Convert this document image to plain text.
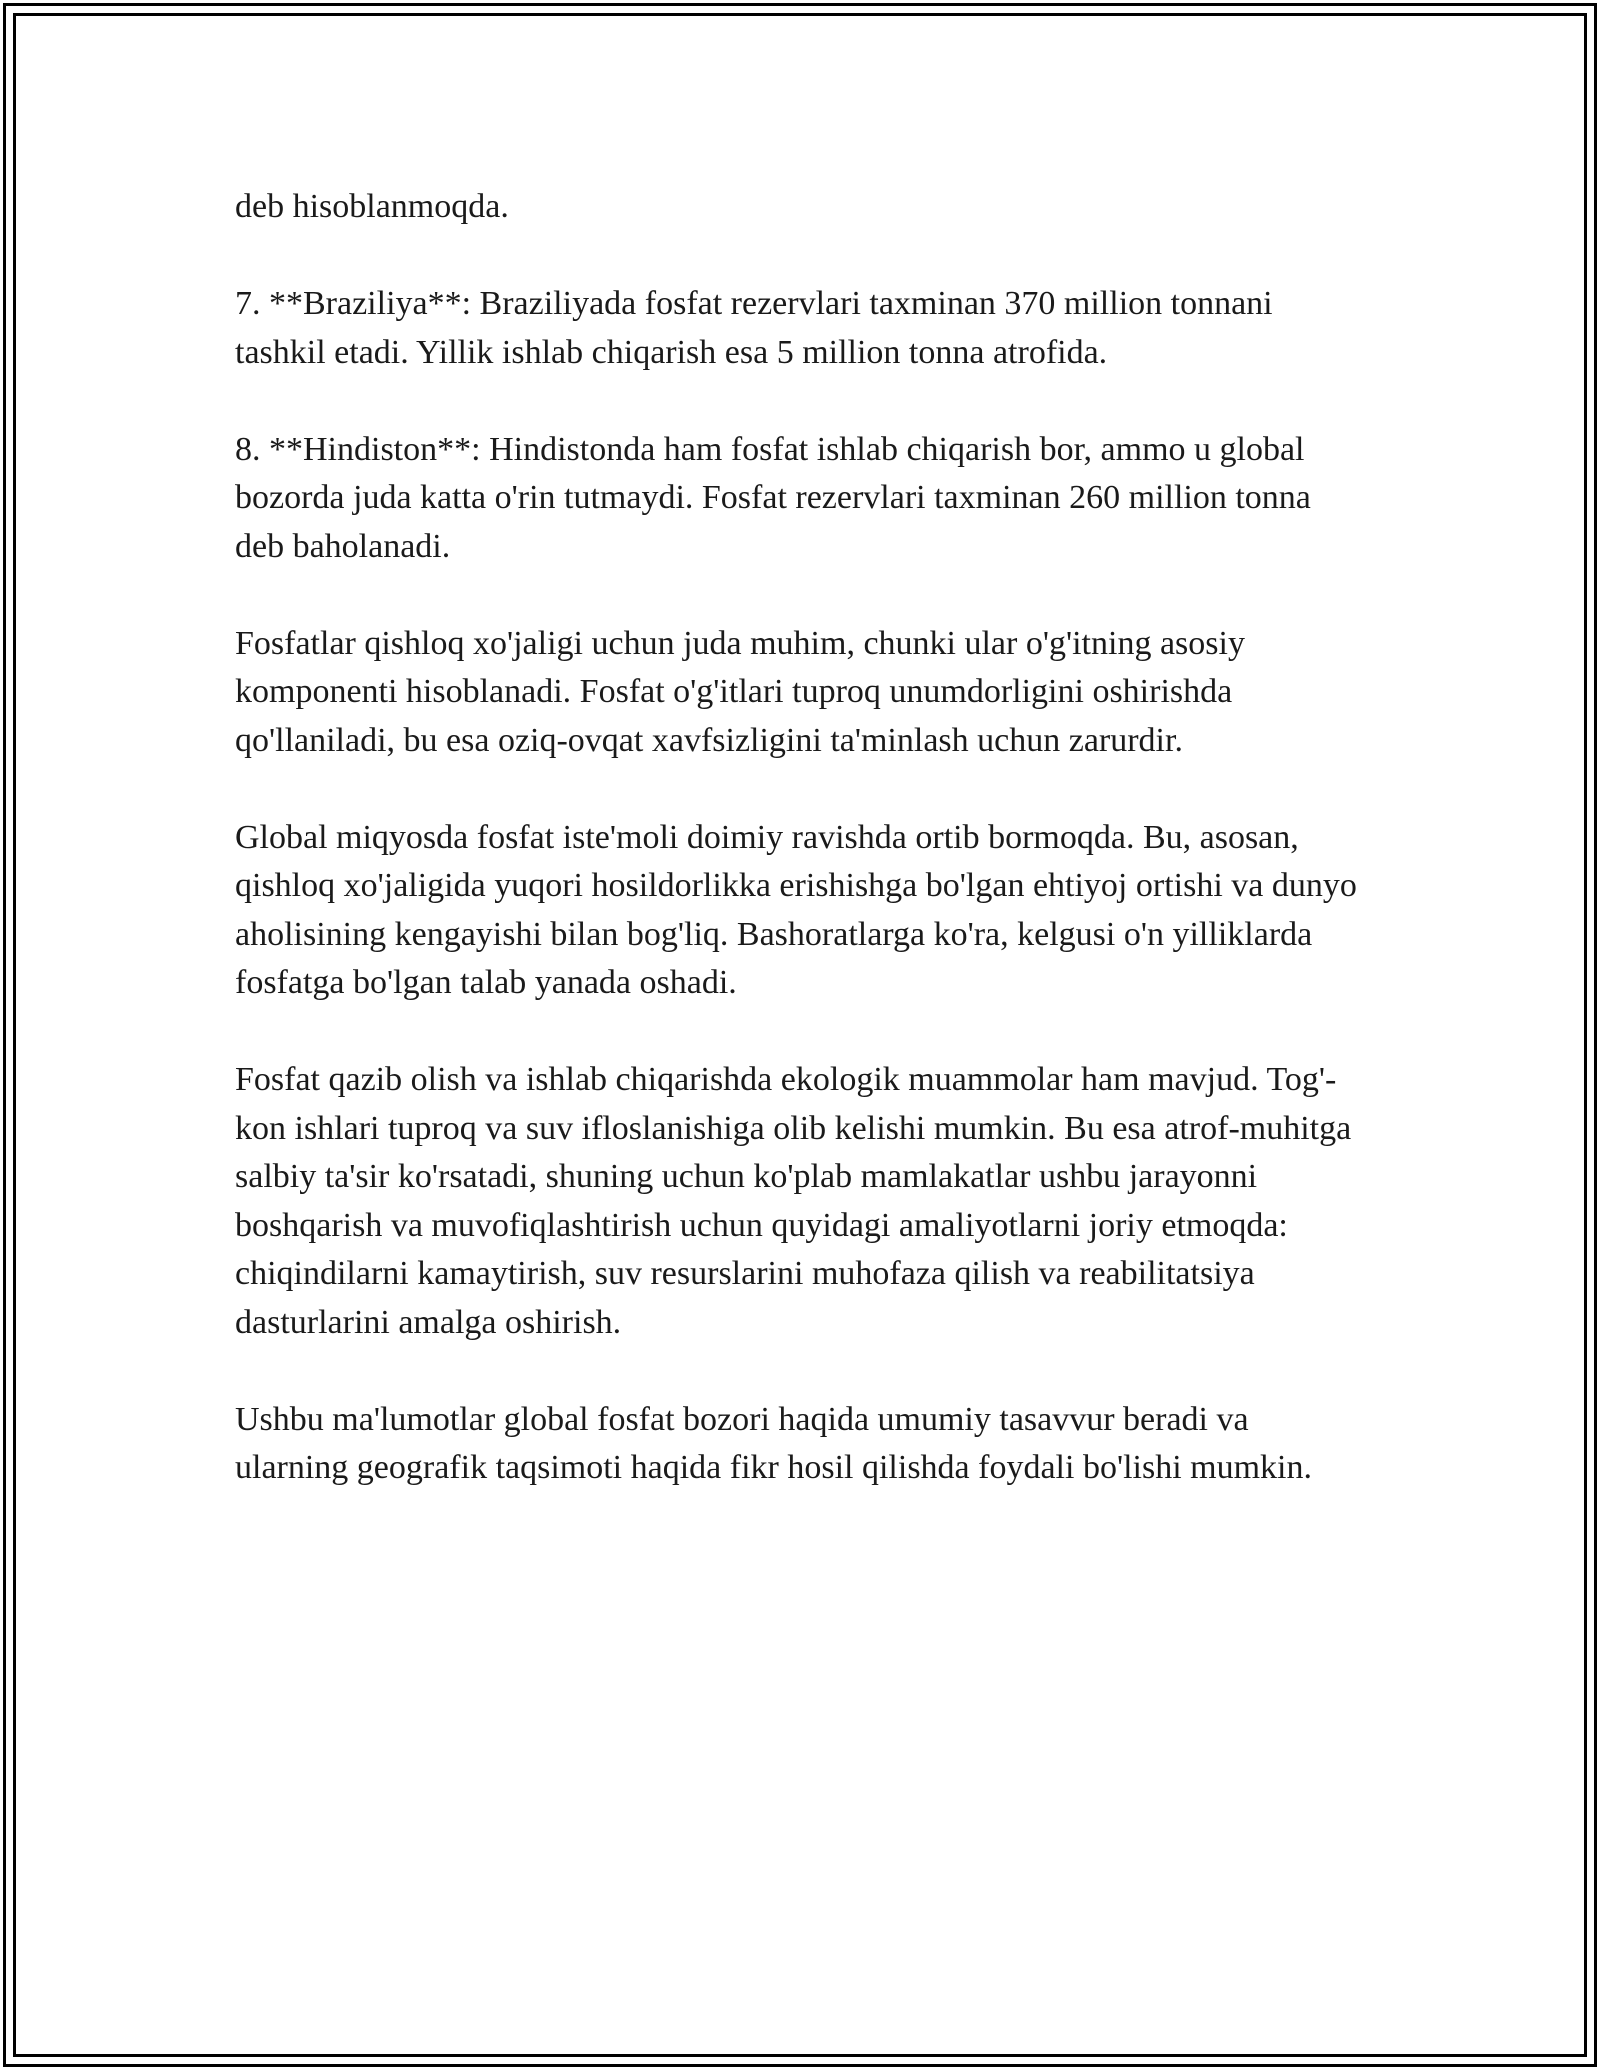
deb hisoblanmoqda.

7. **Braziliya**: Braziliyada fosfat rezervlari taxminan 370 million tonnani tashkil etadi. Yillik ishlab chiqarish esa 5 million tonna atrofida.

8. **Hindiston**: Hindistonda ham fosfat ishlab chiqarish bor, ammo u global bozorda juda katta o'rin tutmaydi. Fosfat rezervlari taxminan 260 million tonna deb baholanadi.

Fosfatlar qishloq xo'jaligi uchun juda muhim, chunki ular o'g'itning asosiy komponenti hisoblanadi. Fosfat o'g'itlari tuproq unumdorligini oshirishda qo'llaniladi, bu esa oziq-ovqat xavfsizligini ta'minlash uchun zarurdir.

Global miqyosda fosfat iste'moli doimiy ravishda ortib bormoqda. Bu, asosan, qishloq xo'jaligida yuqori hosildorlikka erishishga bo'lgan ehtiyoj ortishi va dunyo aholisining kengayishi bilan bog'liq. Bashoratlarga ko'ra, kelgusi o'n yilliklarda fosfatga bo'lgan talab yanada oshadi.

Fosfat qazib olish va ishlab chiqarishda ekologik muammolar ham mavjud. Tog'-kon ishlari tuproq va suv ifloslanishiga olib kelishi mumkin. Bu esa atrof-muhitga salbiy ta'sir ko'rsatadi, shuning uchun ko'plab mamlakatlar ushbu jarayonni boshqarish va muvofiqlashtirish uchun quyidagi amaliyotlarni joriy etmoqda: chiqindilarni kamaytirish, suv resurslarini muhofaza qilish va reabilitatsiya dasturlarini amalga oshirish.

Ushbu ma'lumotlar global fosfat bozori haqida umumiy tasavvur beradi va ularning geografik taqsimoti haqida fikr hosil qilishda foydali bo'lishi mumkin.
